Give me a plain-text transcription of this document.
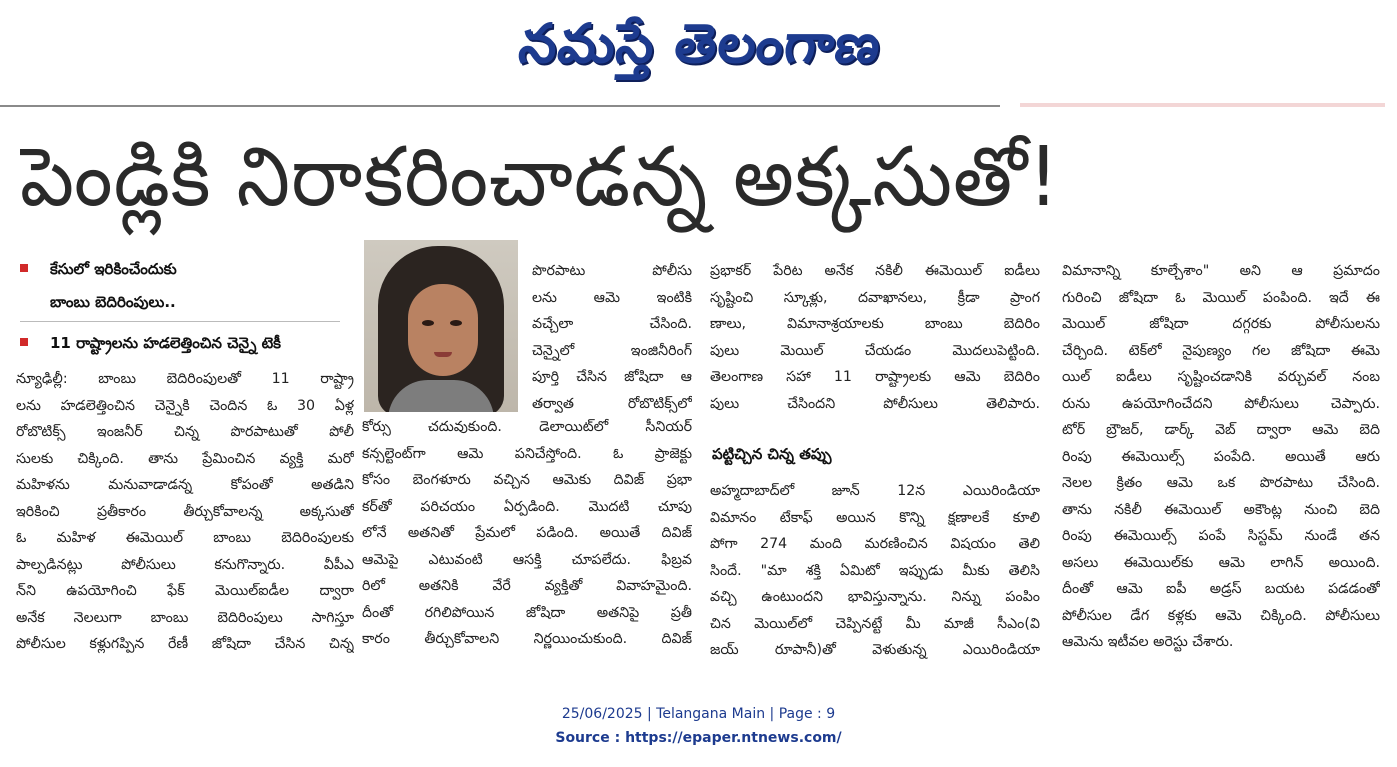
నమస్తే తెలంగాణ
పెండ్లికి నిరాకరించాడన్న అక్కసుతో!
కేసులో ఇరికించేందుకు
బాంబు బెదిరింపులు..
11 రాష్ట్రాలను హడలెత్తించిన చెన్నై టెకీ
న్యూఢిల్లీ: బాంబు బెదిరింపులతో 11 రాష్ట్రా
లను హడలెత్తించిన చెన్నైకి చెందిన ఓ 30 ఏళ్ల
రోబొటిక్స్ ఇంజనీర్ చిన్న పొరపాటుతో పోలీ
సులకు చిక్కింది. తాను ప్రేమించిన వ్యక్తి మరో
మహిళను మనువాడాడన్న కోపంతో అతడిని
ఇరికించి ప్రతీకారం తీర్చుకోవాలన్న అక్కసుతో
ఓ మహిళ ఈమెయిల్ బాంబు బెదిరింపులకు
పాల్పడినట్లు పోలీసులు కనుగొన్నారు. వీపీఎ
న్‌ని ఉపయోగించి ఫేక్ మెయిల్‌ఐడీల ద్వారా
అనేక నెలలుగా బాంబు బెదిరింపులు సాగిస్తూ
పోలీసుల కళ్లుగప్పిన రేణీ జోషిదా చేసిన చిన్న
పొరపాటు పోలీసు
లను ఆమె ఇంటికి
వచ్చేలా చేసింది.
చెన్నైలో ఇంజినీరింగ్
పూర్తి చేసిన జోషిదా ఆ
తర్వాత రోబొటిక్స్‌లో
కోర్సు చదువుకుంది. డెలాయిట్‌లో సీనియర్
కన్సల్టెంట్‌గా ఆమె పనిచేస్తోంది. ఓ ప్రాజెక్టు
కోసం బెంగళూరు వచ్చిన ఆమెకు దివిజ్ ప్రభా
కర్‌తో పరిచయం ఏర్పడింది. మొదటి చూపు
లోనే అతనితో ప్రేమలో పడింది. అయితే దివిజ్
ఆమెపై ఎటువంటి ఆసక్తి చూపలేదు. ఫిబ్రవ
రిలో అతనికి వేరే వ్యక్తితో వివాహమైంది.
దీంతో రగిలిపోయిన జోషిదా అతనిపై ప్రతీ
కారం తీర్చుకోవాలని నిర్ణయించుకుంది. దివిజ్
ప్రభాకర్ పేరిట అనేక నకిలీ ఈమెయిల్ ఐడీలు
సృష్టించి స్కూళ్లు, దవాఖానలు, క్రీడా ప్రాంగ
ణాలు, విమానాశ్రయాలకు బాంబు బెదిరిం
పులు మెయిల్ చేయడం మొదలుపెట్టింది.
తెలంగాణ సహా 11 రాష్ట్రాలకు ఆమె బెదిరిం
పులు చేసిందని పోలీసులు తెలిపారు.
పట్టిచ్చిన చిన్న తప్పు
అహ్మదాబాద్‌లో జూన్ 12న ఎయిరిండియా
విమానం టేకాఫ్ అయిన కొన్ని క్షణాలకే కూలి
పోగా 274 మంది మరణించిన విషయం తెలి
సిందే. "మా శక్తి ఏమిటో ఇప్పుడు మీకు తెలిసి
వచ్చి ఉంటుందని భావిస్తున్నాను. నిన్ను పంపిం
చిన మెయిల్‌లో చెప్పినట్టే మీ మాజీ సీఎం(వి
జయ్ రూపానీ)తో వెళుతున్న ఎయిరిండియా
విమానాన్ని కూల్చేశాం" అని ఆ ప్రమాదం
గురించి జోషిదా ఓ మెయిల్ పంపింది. ఇదే ఈ
మెయిల్ జోషిదా దగ్గరకు పోలీసులను
చేర్చింది. టెక్‌లో నైపుణ్యం గల జోషిదా ఈమె
యిల్ ఐడీలు సృష్టించడానికి వర్చువల్ నంబ
రును ఉపయోగించేదని పోలీసులు చెప్పారు.
టోర్ బ్రౌజర్, డార్క్ వెబ్ ద్వారా ఆమె బెది
రింపు ఈమెయిల్స్ పంపేది. అయితే ఆరు
నెలల క్రితం ఆమె ఒక పొరపాటు చేసింది.
తాను నకిలీ ఈమెయిల్ అకౌంట్ల నుంచి బెది
రింపు ఈమెయిల్స్ పంపే సిస్టమ్ నుండే తన
అసలు ఈమెయిల్‌కు ఆమె లాగిన్ అయింది.
దీంతో ఆమె ఐపీ అడ్రస్ బయట పడడంతో
పోలీసుల డేగ కళ్లకు ఆమె చిక్కింది. పోలీసులు
ఆమెను ఇటీవల అరెస్టు చేశారు.
25/06/2025 | Telangana Main | Page : 9
Source : https://epaper.ntnews.com/
